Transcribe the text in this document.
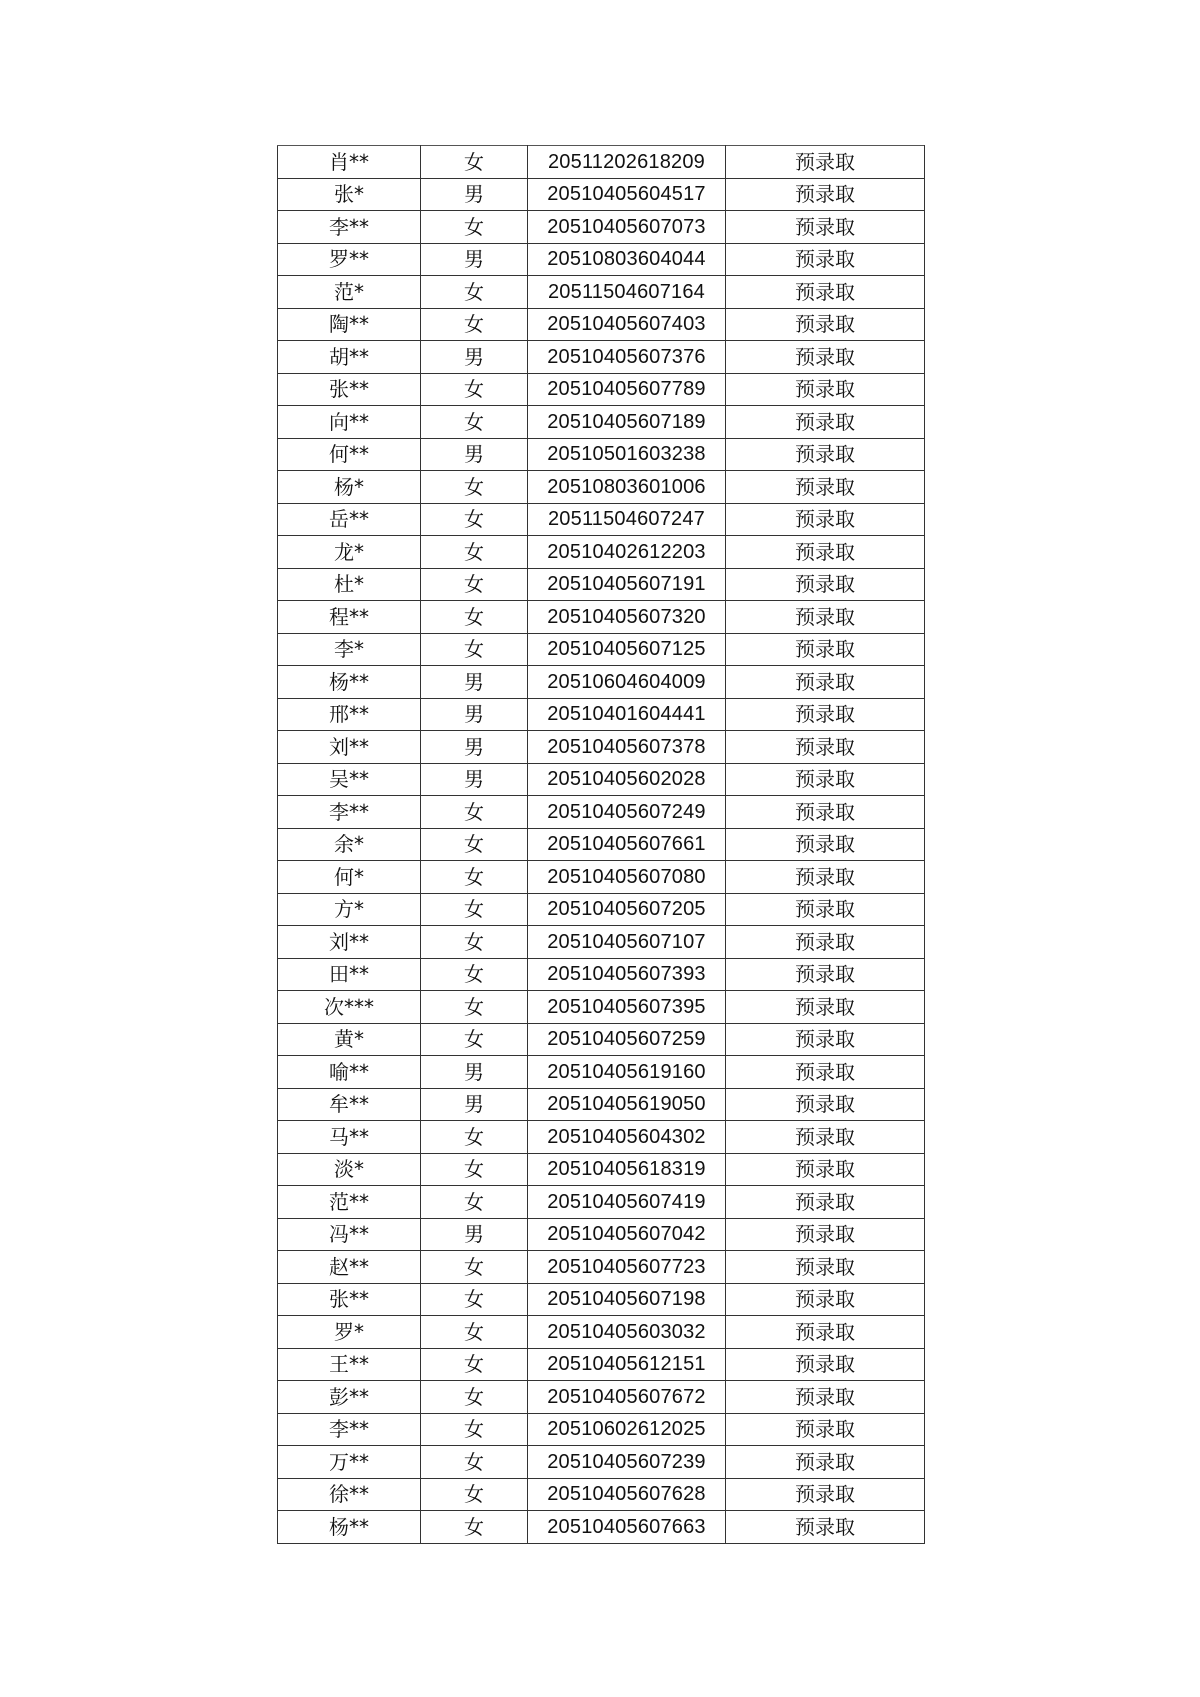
肖**	女	20511202618209	预录取
张*	男	20510405604517	预录取
李**	女	20510405607073	预录取
罗**	男	20510803604044	预录取
范*	女	20511504607164	预录取
陶**	女	20510405607403	预录取
胡**	男	20510405607376	预录取
张**	女	20510405607789	预录取
向**	女	20510405607189	预录取
何**	男	20510501603238	预录取
杨*	女	20510803601006	预录取
岳**	女	20511504607247	预录取
龙*	女	20510402612203	预录取
杜*	女	20510405607191	预录取
程**	女	20510405607320	预录取
李*	女	20510405607125	预录取
杨**	男	20510604604009	预录取
邢**	男	20510401604441	预录取
刘**	男	20510405607378	预录取
吴**	男	20510405602028	预录取
李**	女	20510405607249	预录取
余*	女	20510405607661	预录取
何*	女	20510405607080	预录取
方*	女	20510405607205	预录取
刘**	女	20510405607107	预录取
田**	女	20510405607393	预录取
次***	女	20510405607395	预录取
黄*	女	20510405607259	预录取
喻**	男	20510405619160	预录取
牟**	男	20510405619050	预录取
马**	女	20510405604302	预录取
淡*	女	20510405618319	预录取
范**	女	20510405607419	预录取
冯**	男	20510405607042	预录取
赵**	女	20510405607723	预录取
张**	女	20510405607198	预录取
罗*	女	20510405603032	预录取
王**	女	20510405612151	预录取
彭**	女	20510405607672	预录取
李**	女	20510602612025	预录取
万**	女	20510405607239	预录取
徐**	女	20510405607628	预录取
杨**	女	20510405607663	预录取
